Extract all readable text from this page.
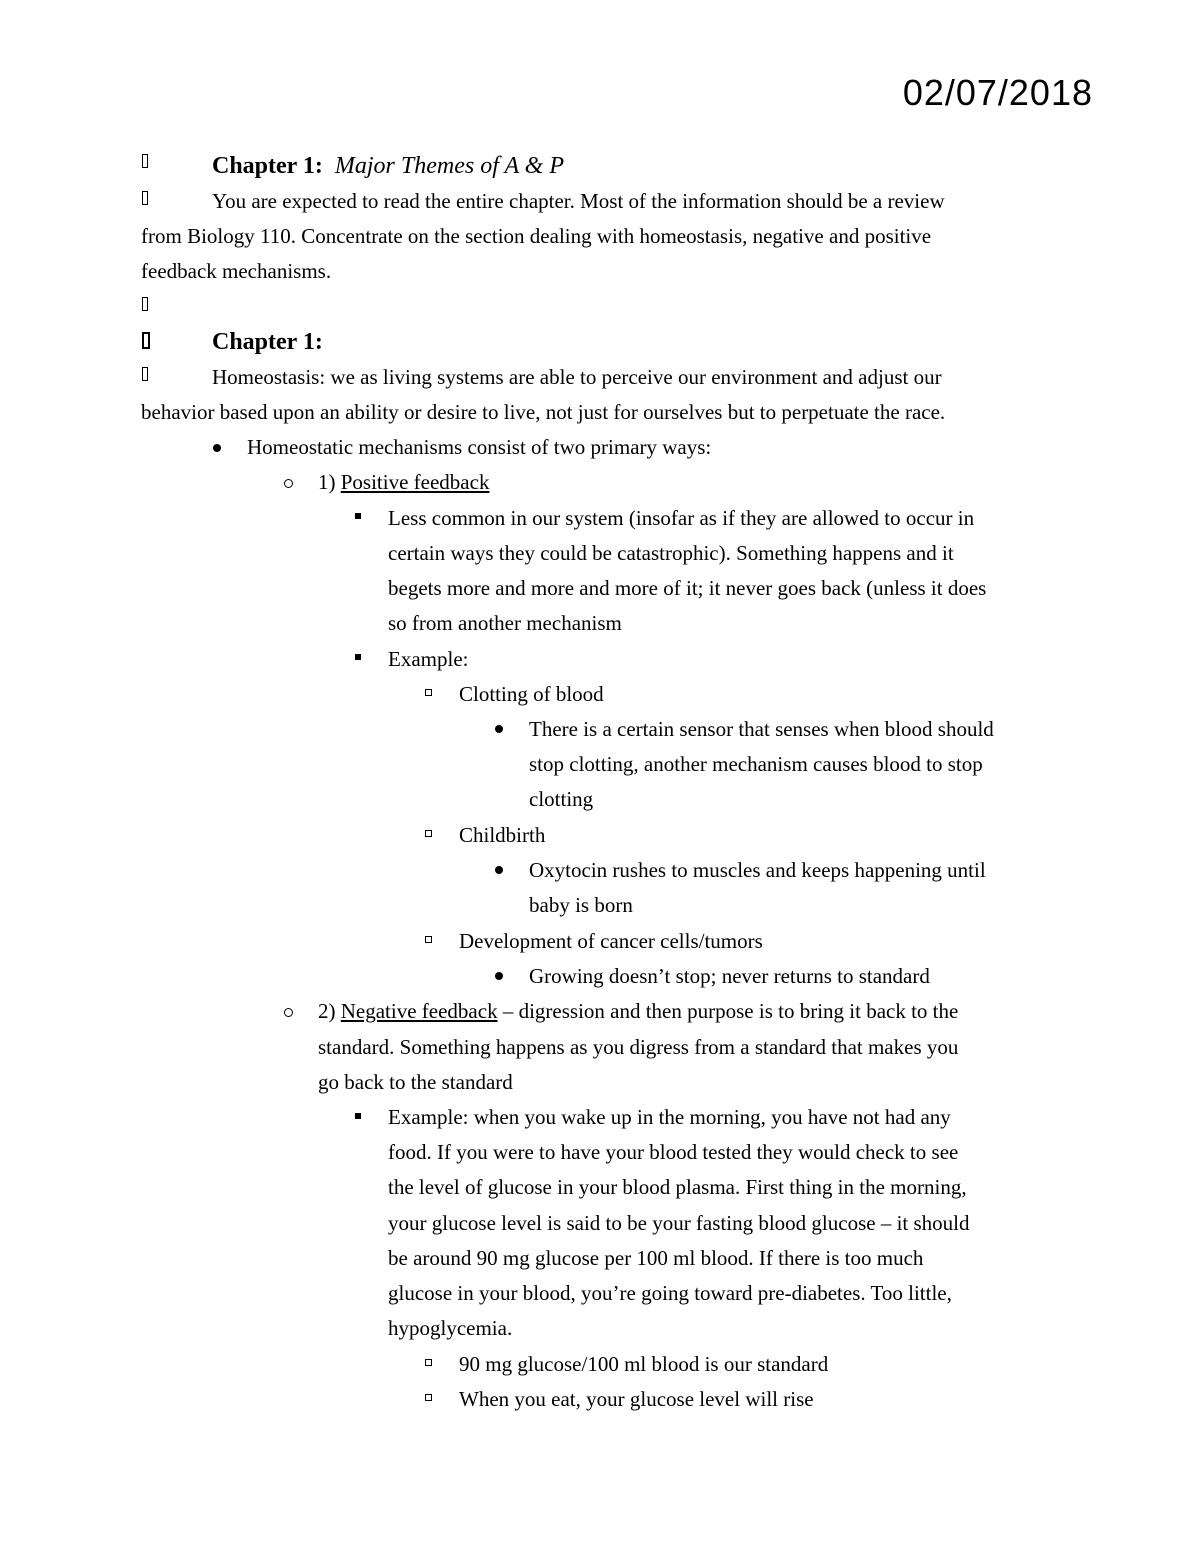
02/07/2018
Chapter 1: Major Themes of A & P
You are expected to read the entire chapter. Most of the information should be a review
from Biology 110. Concentrate on the section dealing with homeostasis, negative and positive
feedback mechanisms.
Chapter 1:
Homeostasis: we as living systems are able to perceive our environment and adjust our
behavior based upon an ability or desire to live, not just for ourselves but to perpetuate the race.
Homeostatic mechanisms consist of two primary ways:
1) Positive feedback
Less common in our system (insofar as if they are allowed to occur in
certain ways they could be catastrophic). Something happens and it
begets more and more and more of it; it never goes back (unless it does
so from another mechanism
Example:
Clotting of blood
There is a certain sensor that senses when blood should
stop clotting, another mechanism causes blood to stop
clotting
Childbirth
Oxytocin rushes to muscles and keeps happening until
baby is born
Development of cancer cells/tumors
Growing doesn’t stop; never returns to standard
2) Negative feedback – digression and then purpose is to bring it back to the
standard. Something happens as you digress from a standard that makes you
go back to the standard
Example: when you wake up in the morning, you have not had any
food. If you were to have your blood tested they would check to see
the level of glucose in your blood plasma. First thing in the morning,
your glucose level is said to be your fasting blood glucose – it should
be around 90 mg glucose per 100 ml blood. If there is too much
glucose in your blood, you’re going toward pre-diabetes. Too little,
hypoglycemia.
90 mg glucose/100 ml blood is our standard
When you eat, your glucose level will rise
